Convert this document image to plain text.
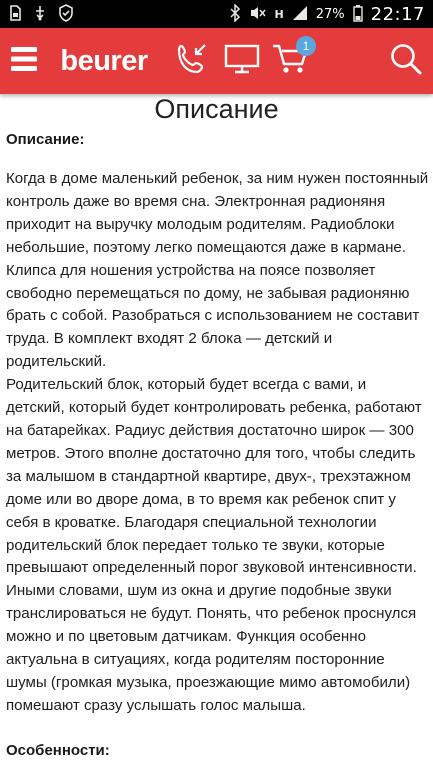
H 27% 22:17
beurer	1
Описание
Описание:
Когда в доме маленький ребенок, за ним нужен постоянный контроль даже во время сна. Электронная радионяня приходит на выручку молодым родителям. Радиоблоки небольшие, поэтому легко помещаются даже в кармане. Клипса для ношения устройства на поясе позволяет свободно перемещаться по дому, не забывая радионяню брать с собой. Разобраться с использованием не составит труда. В комплект входят 2 блока — детский и родительский.
Родительский блок, который будет всегда с вами, и детский, который будет контролировать ребенка, работают на батарейках. Радиус действия достаточно широк — 300 метров. Этого вполне достаточно для того, чтобы следить за малышом в стандартной квартире, двух-, трехэтажном доме или во дворе дома, в то время как ребенок спит у себя в кроватке. Благодаря специальной технологии родительский блок передает только те звуки, которые превышают определенный порог звуковой интенсивности. Иными словами, шум из окна и другие подобные звуки транслироваться не будут. Понять, что ребенок проснулся можно и по цветовым датчикам. Функция особенно актуальна в ситуациях, когда родителям посторонние шумы (громкая музыка, проезжающие мимо автомобили) помешают сразу услышать голос малыша.
Особенности:
